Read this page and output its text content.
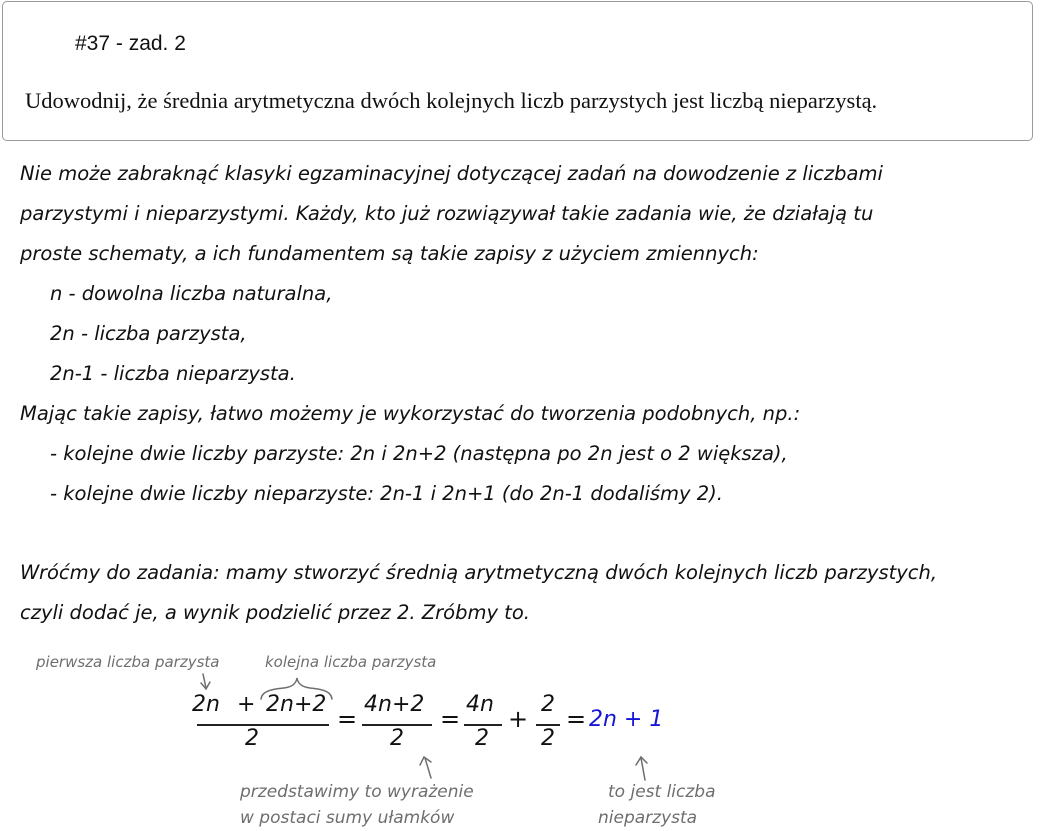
#37 - zad. 2
Udowodnij, że średnia arytmetyczna dwóch kolejnych liczb parzystych jest liczbą nieparzystą.
Nie może zabraknąć klasyki egzaminacyjnej dotyczącej zadań na dowodzenie z liczbami
parzystymi i nieparzystymi. Każdy, kto już rozwiązywał takie zadania wie, że działają tu
proste schematy, a ich fundamentem są takie zapisy z użyciem zmiennych:
n - dowolna liczba naturalna,
2n - liczba parzysta,
2n-1 - liczba nieparzysta.
Mając takie zapisy, łatwo możemy je wykorzystać do tworzenia podobnych, np.:
- kolejne dwie liczby parzyste: 2n i 2n+2 (następna po 2n jest o 2 większa),
- kolejne dwie liczby nieparzyste: 2n-1 i 2n+1 (do 2n-1 dodaliśmy 2).
Wróćmy do zadania: mamy stworzyć średnią arytmetyczną dwóch kolejnych liczb parzystych,
czyli dodać je, a wynik podzielić przez 2. Zróbmy to.
pierwsza liczba parzysta	kolejna liczba parzysta
przedstawimy to wyrażenie
w postaci sumy ułamków
to jest liczba
nieparzysta
2n + 2n+2
2
=
4n+2
2
=
4n
2
+
2
2
= 2n + 1
